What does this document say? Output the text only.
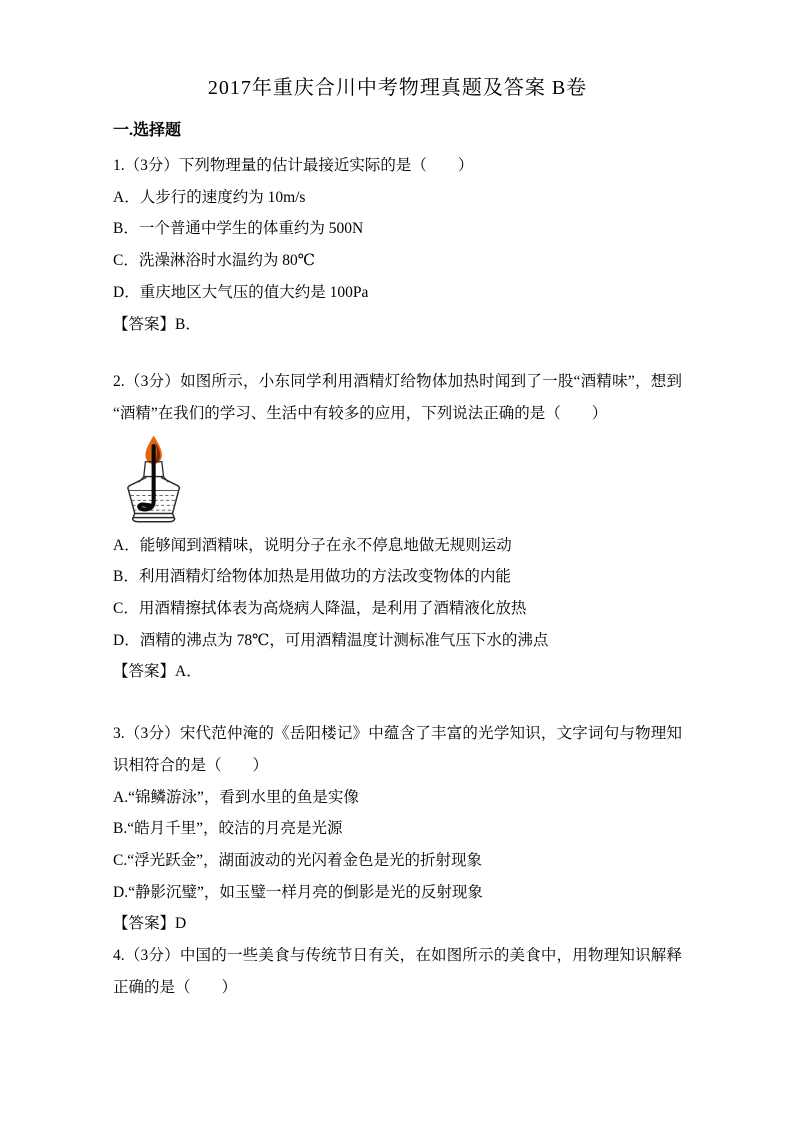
2017年重庆合川中考物理真题及答案 B卷
一.选择题

1.（3分）下列物理量的估计最接近实际的是（　　）

A．人步行的速度约为 10m/s

B．一个普通中学生的体重约为 500N

C．洗澡淋浴时水温约为 80℃

D．重庆地区大气压的值大约是 100Pa

【答案】B．

2.（3分）如图所示，小东同学利用酒精灯给物体加热时闻到了一股“酒精味”，想到“酒精”在我们的学习、生活中有较多的应用，下列说法正确的是（　　）

A．能够闻到酒精味，说明分子在永不停息地做无规则运动

B．利用酒精灯给物体加热是用做功的方法改变物体的内能

C．用酒精擦拭体表为高烧病人降温，是利用了酒精液化放热

D．酒精的沸点为 78℃，可用酒精温度计测标准气压下水的沸点

【答案】A．

3.（3分）宋代范仲淹的《岳阳楼记》中蕴含了丰富的光学知识，文字词句与物理知识相符合的是（　　）

A.“锦鳞游泳”，看到水里的鱼是实像

B.“皓月千里”，皎洁的月亮是光源

C.“浮光跃金”，湖面波动的光闪着金色是光的折射现象

D.“静影沉璧”，如玉璧一样月亮的倒影是光的反射现象

【答案】D

4.（3分）中国的一些美食与传统节日有关，在如图所示的美食中，用物理知识解释正确的是（　　）
